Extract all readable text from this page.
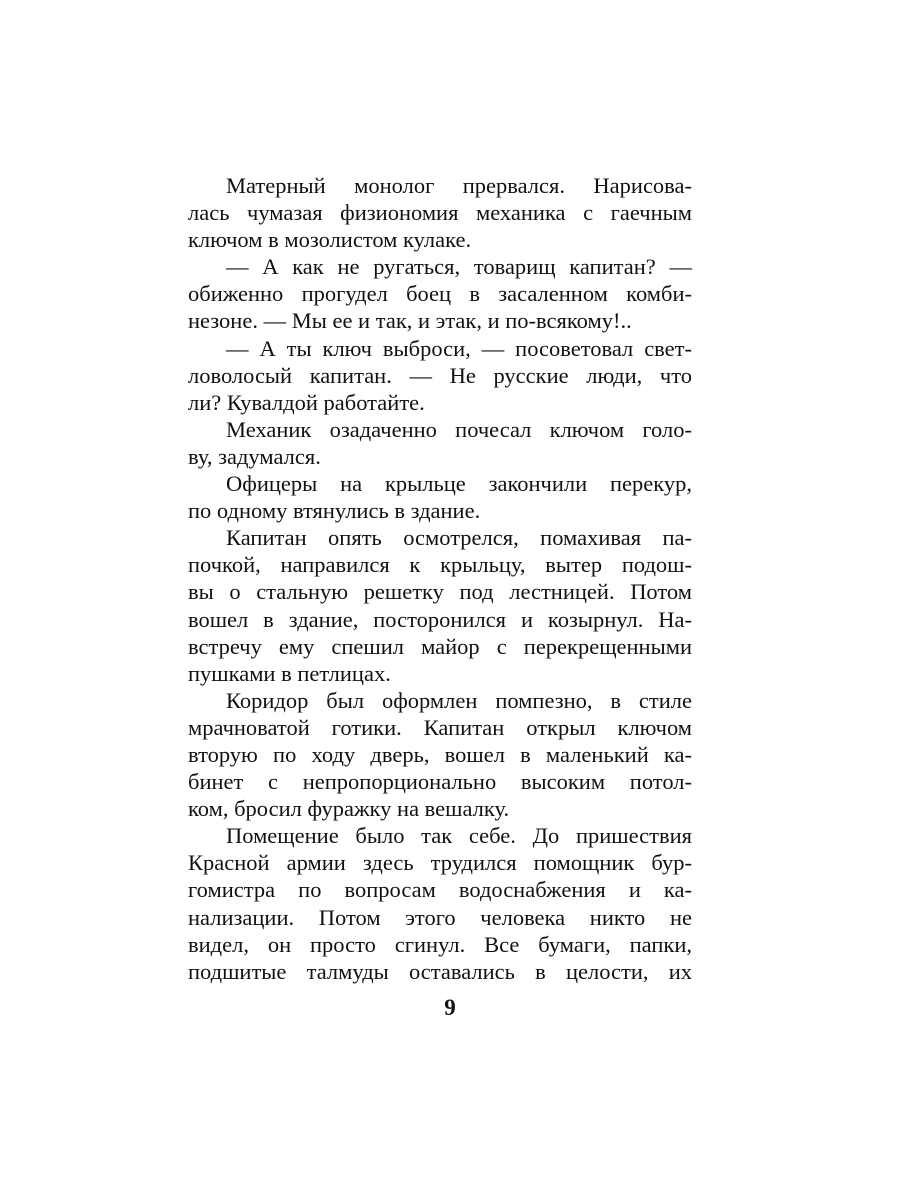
Матерный монолог прервался. Нарисова-
лась чумазая физиономия механика с гаечным
ключом в мозолистом кулаке.
— А как не ругаться, товарищ капитан? —
обиженно прогудел боец в засаленном комби-
незоне. — Мы ее и так, и этак, и по-всякому!..
— А ты ключ выброси, — посоветовал свет-
ловолосый капитан. — Не русские люди, что
ли? Кувалдой работайте.
Механик озадаченно почесал ключом голо-
ву, задумался.
Офицеры на крыльце закончили перекур,
по одному втянулись в здание.
Капитан опять осмотрелся, помахивая па-
почкой, направился к крыльцу, вытер подош-
вы о стальную решетку под лестницей. Потом
вошел в здание, посторонился и козырнул. На-
встречу ему спешил майор с перекрещенными
пушками в петлицах.
Коридор был оформлен помпезно, в стиле
мрачноватой готики. Капитан открыл ключом
вторую по ходу дверь, вошел в маленький ка-
бинет с непропорционально высоким потол-
ком, бросил фуражку на вешалку.
Помещение было так себе. До пришествия
Красной армии здесь трудился помощник бур-
гомистра по вопросам водоснабжения и ка-
нализации. Потом этого человека никто не
видел, он просто сгинул. Все бумаги, папки,
подшитые талмуды оставались в целости, их
9
